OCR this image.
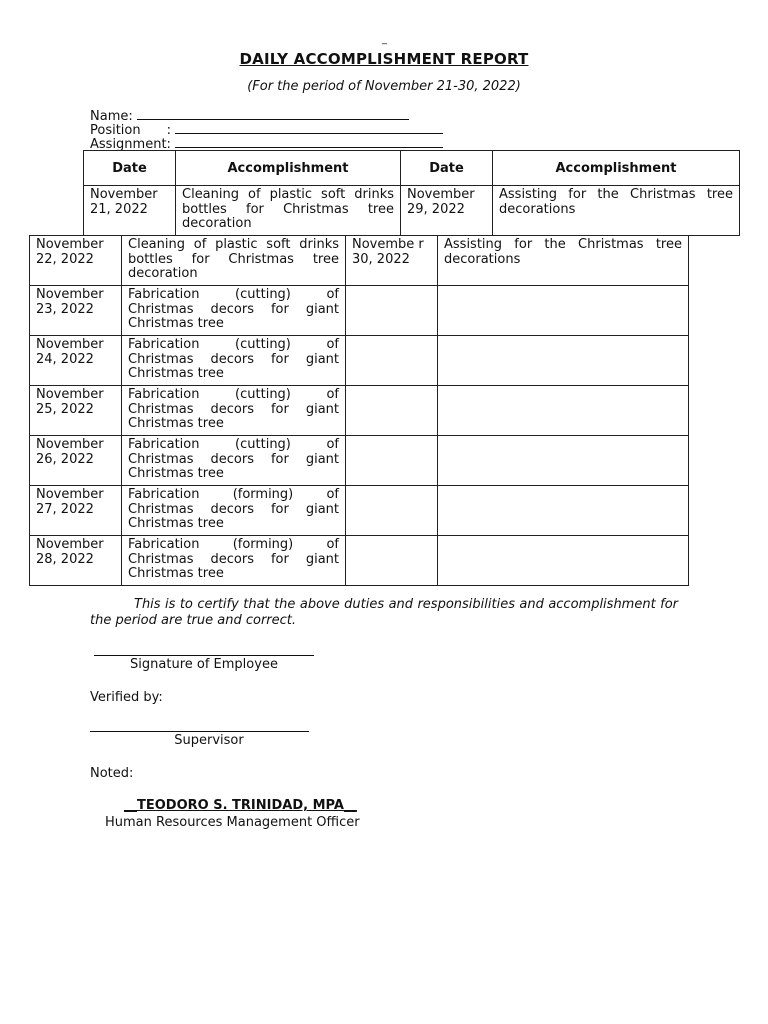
_
DAILY ACCOMPLISHMENT REPORT
(For the period of November 21-30, 2022)
Name:
Position :
Assignment:
Date	Accomplishment	Date	Accomplishment
November 21, 2022	Cleaning of plastic soft drinks bottles for Christmas tree decoration	November 29, 2022	Assisting for the Christmas tree decorations
November 22, 2022	Cleaning of plastic soft drinks bottles for Christmas tree decoration	Novembe r 30, 2022	Assisting for the Christmas tree decorations
November 23, 2022	Fabrication (cutting) of Christmas decors for giant Christmas tree		
November 24, 2022	Fabrication (cutting) of Christmas decors for giant Christmas tree		
November 25, 2022	Fabrication (cutting) of Christmas decors for giant Christmas tree		
November 26, 2022	Fabrication (cutting) of Christmas decors for giant Christmas tree		
November 27, 2022	Fabrication (forming) of Christmas decors for giant Christmas tree		
November 28, 2022	Fabrication (forming) of Christmas decors for giant Christmas tree		
This is to certify that the above duties and responsibilities and accomplishment for the period are true and correct.
Signature of Employee
Verified by:
Supervisor
Noted:
__TEODORO S. TRINIDAD, MPA__
Human Resources Management Officer
